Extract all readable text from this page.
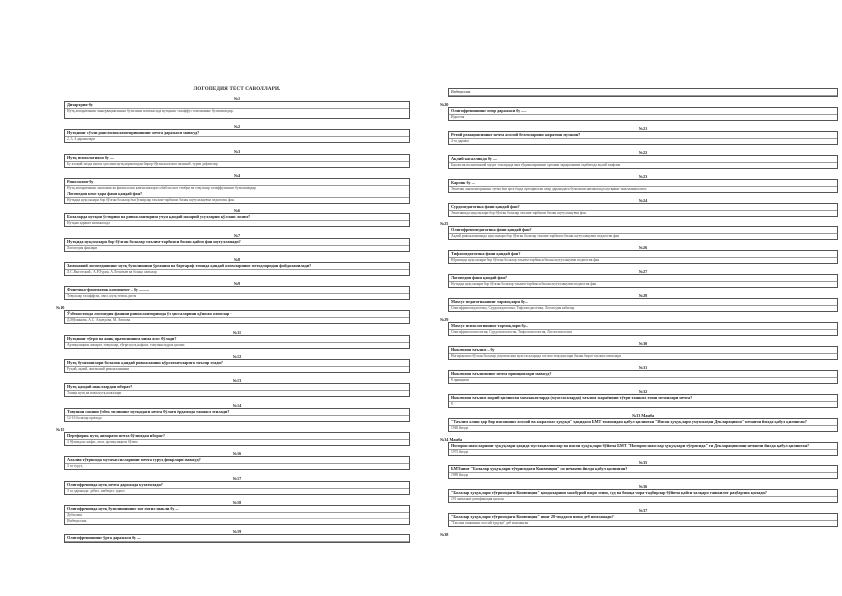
ЛОГОПЕДИЯ ТЕСТ САВОЛЛАРИ.
№1
Дизартрия-бу
Нутқ аппаратининг иннервациясининг бузилиши натижасида нутқнинг талаффуз томонининг бузилишидир.
№2
Нутқнинг сўзли ранглиликлаштиришининг нечта даражаси мавжуд?
2, 3, 4 даражалари
№3
Нутқ психологияси бу ....
Бу алоқий тилда инсон ҳиссини нутқ нормасидан бирор бўғин касалига чалиниб, турли дефектлар
№4
Ринолалия-бу
Нутқ аппаратининг анатомик ва физиологик камчиликлари сабабли овоз тембри ва товушлар талаффузининг бузилишидир
Логопедия кенс ҳара фани қандай фан?
Нутқида нуқсонлари бор бўлган болалар ёки ўсмирлар таълим-тарбияси билан шуғулланувчи педагогик фан.
№6
Болаларда нутқни ўстириш ва ривожлантириш учун қандай назарий усулларни қўллаш лозим?
Нутқни ҳаракат натижасида
№7
Нутқида нуқсонлари бор бўлган болалар таълим-тарбияси билан қайси фан шуғулланади?
Логопедия фанлари
№8
Замонавий логопедиянинг нутқ бузилишини ўрганиш ва бартараф этишда қандай олимларнинг методларидан фойдаланилади?
Л.С.Выготский., А.Р.Лурия, А.Леонтьев ва бошқа олимлар
№9
Фонетико-фонематик компонент – бу ..........
Товушлар талаффузи, овоз, нутқ темпи, ритм
№10
Ўзбекистонда логопедия фанини ривожлантиришда ўз ҳиссаларини қўшган олимлар -
Д.Мўминова, А.С. Аҳмедова, М. Аюпова
№11
Нутқнинг тўғри ва аниқ яратилишига нима асос бўлади?
Артикуляцион аппарат, товушлар, тўғри нутқ нафаси, товушни идрок қилиш
№12
Нутқ бузилишлари болалик қандай ривожланиш кўрсаткичларига таъсир этади?
Руҳий, ақлий, жисмоний ривожланишни
№13
Нутқ қандай шакллардан иборат?
Ташқи нутқ ва ички нутқ шакллари
№14
Товушни сонини ўзбек тилининг нутқидаги нечта бўлаги ёрдамида ташкил этилади?
12-16 болалар орасида
№15
Перефирик нутқ аппарати нечта бўлимдан иборат?
3 бўлимдан: нафас, овоз, артикуляцион бўлим
№16
Алалия тўғрисида мутахассисларнинг нечта гуруҳ фикрлари мавжуд?
3 та гуруҳ
№17
Олигофренияда нутқ нечта даражада кузатилади?
3 та даражада: дебил, имбецил, идиот
№18
Олигофренияда нутқ бузилишининг энг енгил шакли бу ...
Дебиллик
Имбециллик
№19
Олигофрениянинг ўрта даражаси бу ....
Имбециллик
№20
Олигофрениянинг оғир даражаси бу .....
Идиотия
№21
Ретий реакциясининг нечта асосий белгиларини ажратиш мумкин?
4 та даража
№22
Ақлий касалликда бу ....
Биологик ва ижтимоий муҳит таъсирида мия тўқималарининг органик зарарланиши оқибатида ақлий заифлик
№23
Карлик бу ...
Эшитиш анализаторининг туғма ёки эрта ёшда орттирилган оғир даражадаги бузилиши натижасида нутқнинг шаклланмаслиги
№24
Сурдопедагогика фани қандай фан?
Эшитишида нуқсонлари бор бўлган болалар таълим-тарбияси билан шуғулланувчи фан
№25
Олигофренопедагогика фани қандай фан?
Ақлий ривожланишида нуқсонлари бор бўлган болалар таълим-тарбияси билан шуғулланувчи педагогик фан
№26
Тифлопедагогика фани қандай фан?
Кўришида нуқсонлари бор бўлган болалар таълим-тарбияси билан шуғулланувчи педагогик фан
№27
Логопедия фани қандай фан?
Нутқида нуқсонлари бор бўлган болалар таълим-тарбияси билан шуғулланувчи педагогик фан
№28
Махсус педагогиканинг тармоқлари бу...
Олигофренопедагогика, Сурдопедагогика, Тифлопедагогика, Логопедия кабилар
№29
Махсус психологиянинг тармоқлари бу...
Олигофренопсихология, Сурдопсихология, Тифлопсихология, Логопсихология
№30
Инклюзия таълим – бу
Ногиронлиги бўлган болалар умумтаълим муассасаларида соғлом тенгдошлари билан бирга таълим олишлари
№31
Инклюзия таълимнинг нечта принциплари мавжуд?
8 принципи
№32
Инклюзия таълим жорий қилинган мамлакатларда (муассасаларда) таълим жараёнини тўғри ташкил этиш мезонлари нечта?
8
№33 Манба
"Таълим олиш ҳар бир инсоннинг асосий ва ажралмас ҳуқуқи" ҳақидаги БМТ томонидан қабул қилинган "Инсон ҳуқуқлари умумжаҳон Декларацияси" нечанчи йилда қабул қилинган?
1948 йилда
№34 Манба
Ногирон шахсларнинг ҳуқуқлари ҳақида мустақилликлар ва инсон ҳуқуқлари бўйича БМТ "Ногирон шахслар ҳуқуқлари тўғрисида" ги Декларациясини нечанчи йилда қабул қилинган?
1975 йилда
№35
БМТнинг "Болалар ҳуқуқлари тўғрисидаги Конвенция" си нечанчи йилда қабул қилинган?
1989 йилда
№36
"Болалар ҳуқуқлари тўғрисидаги Конвенция" қоидаларини мажбурий ижро этиш, суд ва бошқа чора-тадбирлар бўйича қайси халқаро ташкилот раҳбарлик қилади?
191 мамлакат ратификация қилган
№37
"Болалар ҳуқуқлари тўғрисидаги Конвенция" нинг 28-моддаси нима деб номланади?
"Таълим олишнинг асосий ҳуқуқи" деб номланган
№38
